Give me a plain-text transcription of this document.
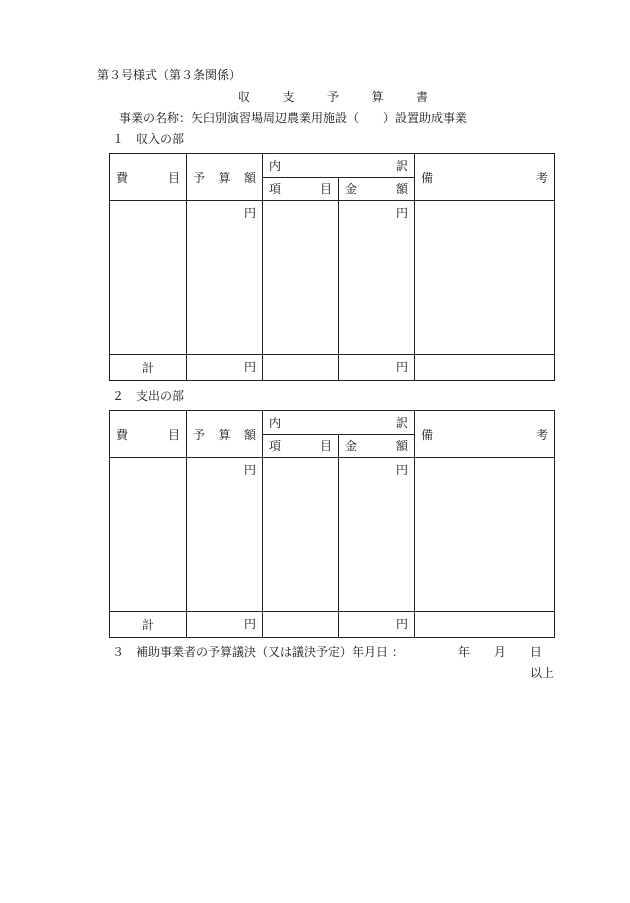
第３号様式（第３条関係）
収	支	予	算	書
事業の名称：矢臼別演習場周辺農業用施設（　　）設置助成事業
１　収入の部
費 目	予 算 額	内 訳		備 考

		項 目	金 額	

	円		円	
計	円		円	
２　支出の部
費 目	予 算 額	内 訳		備 考

		項 目	金 額	

	円		円	
計	円		円	
３　補助事業者の予算議決（又は議決予定）年月日 ：　　　　　年　　月　　日
以上
